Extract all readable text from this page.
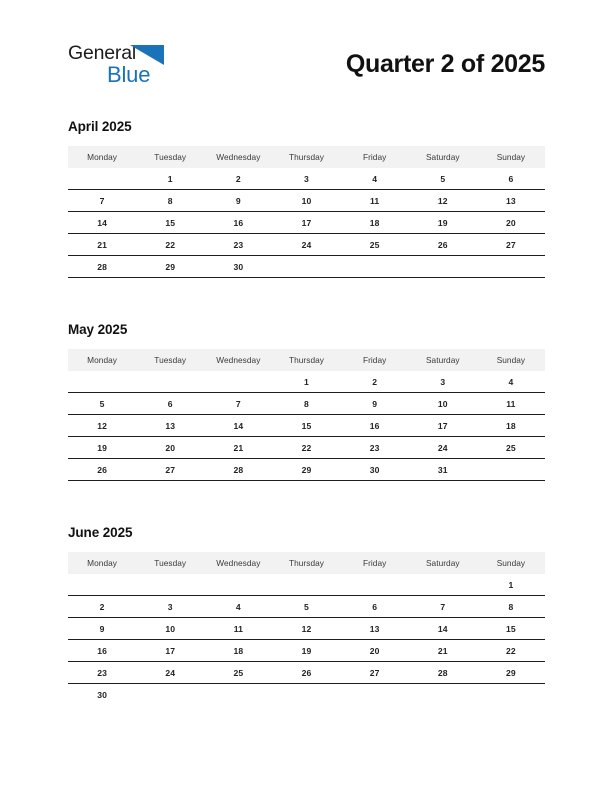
General
Blue	Quarter 2 of 2025
April 2025
Monday	Tuesday	Wednesday	Thursday	Friday	Saturday	Sunday
	1	2	3	4	5	6
7	8	9	10	11	12	13
14	15	16	17	18	19	20
21	22	23	24	25	26	27
28	29	30				
May 2025
Monday	Tuesday	Wednesday	Thursday	Friday	Saturday	Sunday
			1	2	3	4
5	6	7	8	9	10	11
12	13	14	15	16	17	18
19	20	21	22	23	24	25
26	27	28	29	30	31	
June 2025
Monday	Tuesday	Wednesday	Thursday	Friday	Saturday	Sunday
						1
2	3	4	5	6	7	8
9	10	11	12	13	14	15
16	17	18	19	20	21	22
23	24	25	26	27	28	29
30						
